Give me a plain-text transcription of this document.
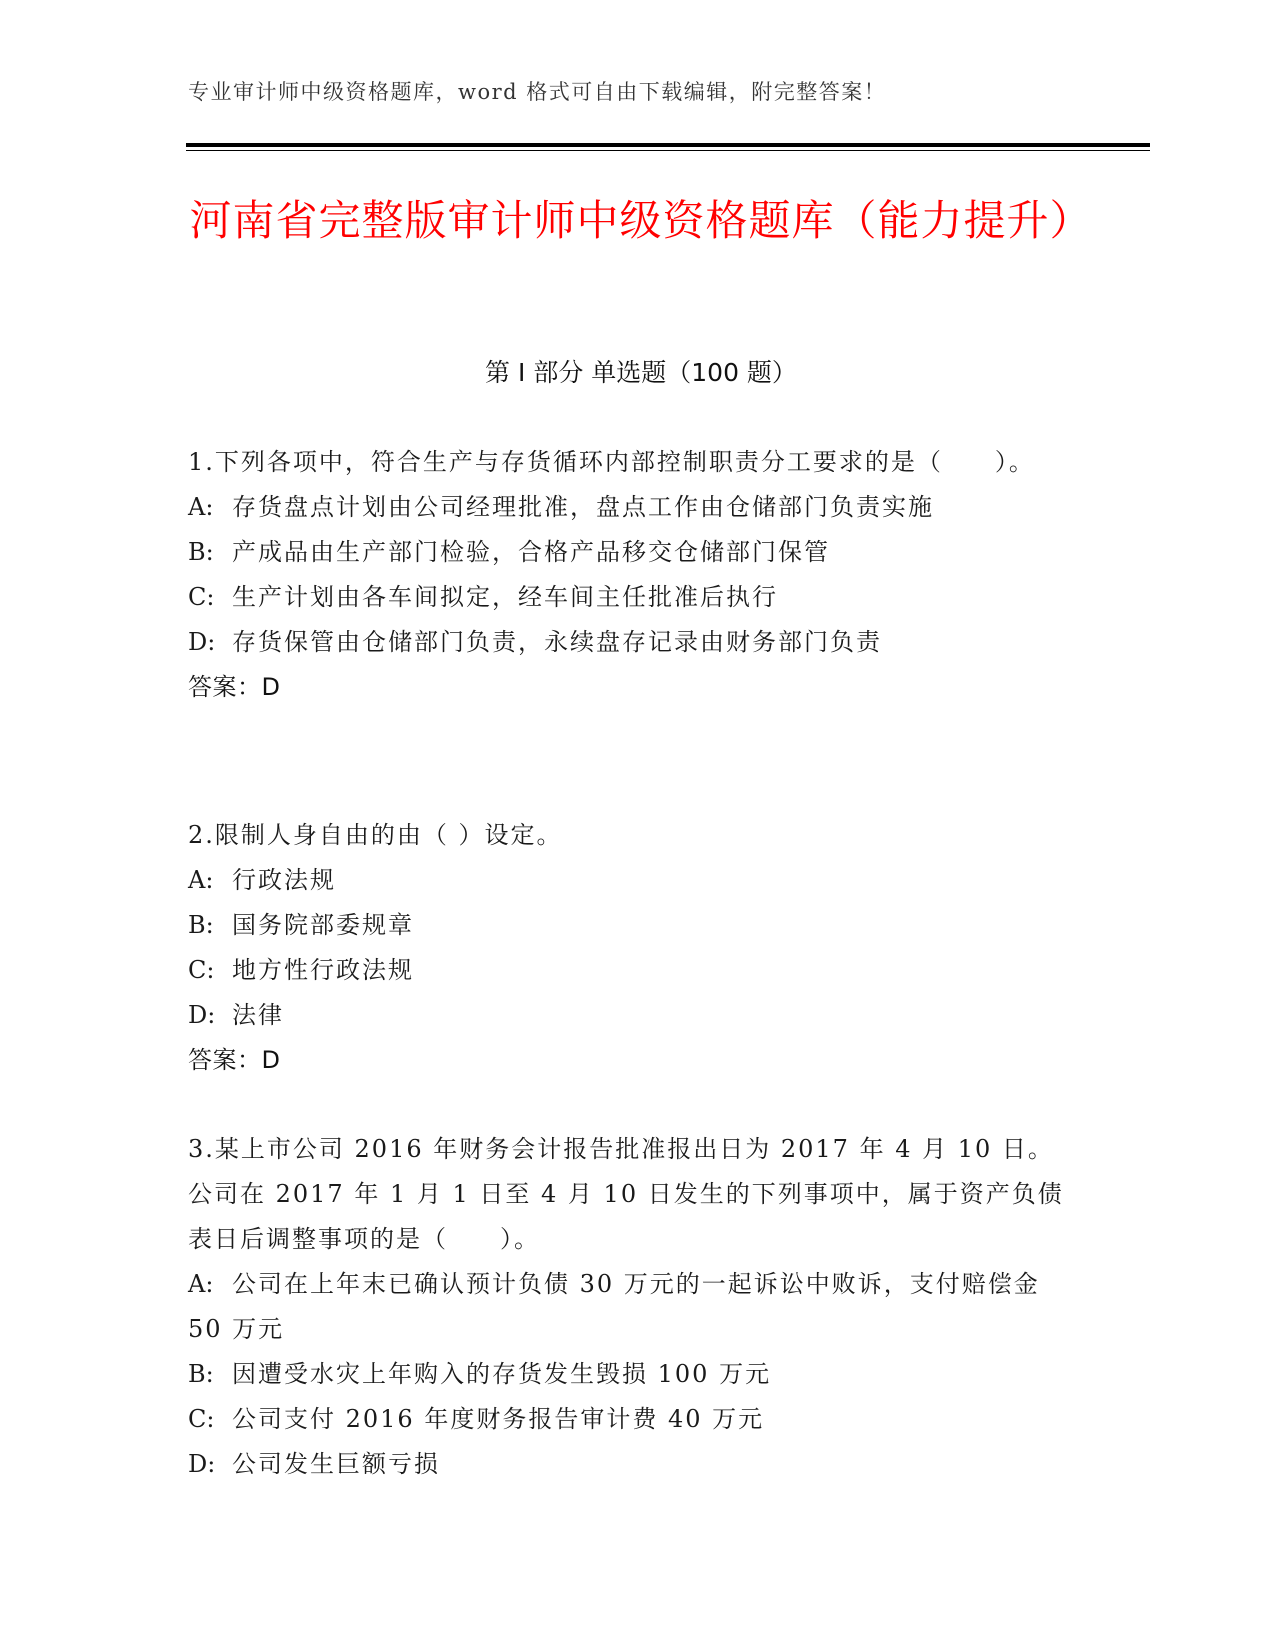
专业审计师中级资格题库，word 格式可自由下载编辑，附完整答案！
河南省完整版审计师中级资格题库（能力提升）
第 I 部分 单选题（100 题）

1.下列各项中，符合生产与存货循环内部控制职责分工要求的是（　　）。

A: 存货盘点计划由公司经理批准，盘点工作由仓储部门负责实施

B: 产成品由生产部门检验，合格产品移交仓储部门保管

C: 生产计划由各车间拟定，经车间主任批准后执行

D: 存货保管由仓储部门负责，永续盘存记录由财务部门负责

答案：D

2.限制人身自由的由（ ）设定。

A: 行政法规

B: 国务院部委规章

C: 地方性行政法规

D: 法律

答案：D

3.某上市公司 2016 年财务会计报告批准报出日为 2017 年 4 月 10 日。公司在 2017 年 1 月 1 日至 4 月 10 日发生的下列事项中，属于资产负债表日后调整事项的是（　　）。

A: 公司在上年末已确认预计负债 30 万元的一起诉讼中败诉，支付赔偿金 50 万元

B: 因遭受水灾上年购入的存货发生毁损 100 万元

C: 公司支付 2016 年度财务报告审计费 40 万元

D: 公司发生巨额亏损
